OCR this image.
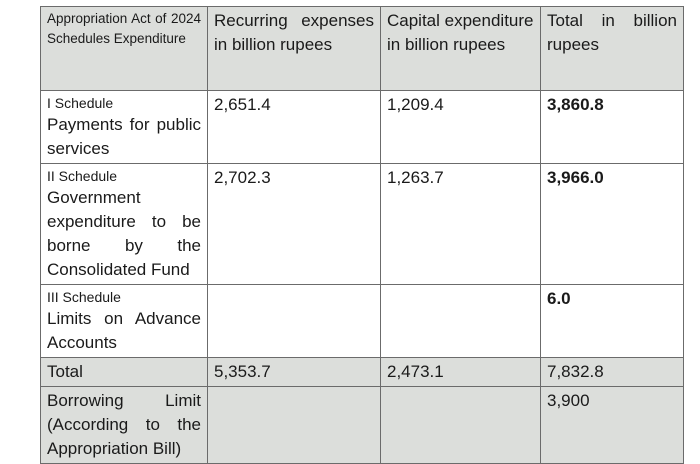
Appropriation Act of 2024 Schedules Expenditure	Recurring expenses in billion rupees	Capital expenditure in billion rupees	Total in billion rupees

I Schedule
Payments for public services	2,651.4	1,209.4	3,860.8

II Schedule
Government expenditure to be borne by the Consolidated Fund	2,702.3	1,263.7	3,966.0

III Schedule
Limits on Advance Accounts			6.0
Total	5,353.7	2,473.1	7,832.8
Borrowing Limit (According to the Appropriation Bill)			3,900
